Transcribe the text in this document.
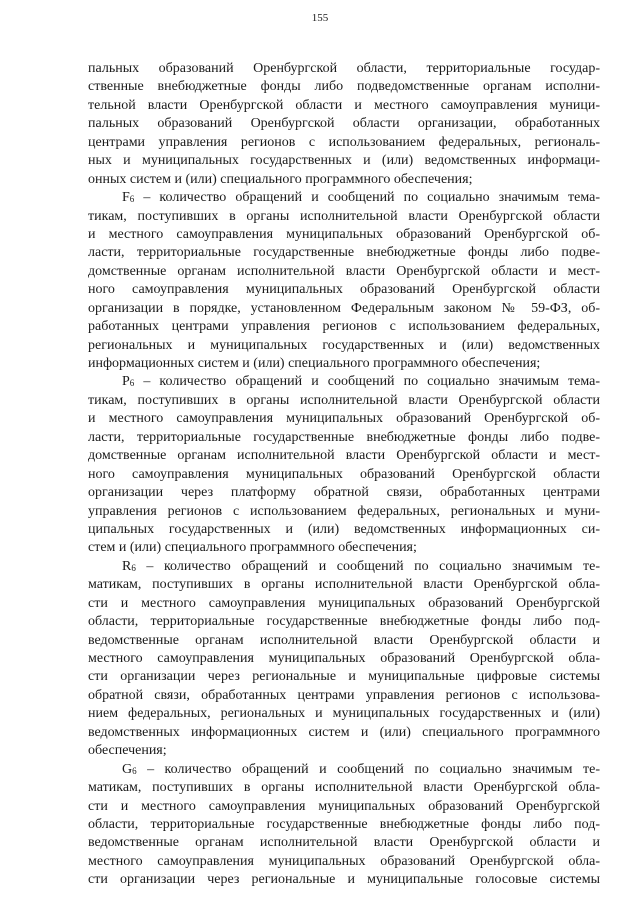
155
пальных образований Оренбургской области, территориальные государ-
ственные внебюджетные фонды либо подведомственные органам исполни-
тельной власти Оренбургской области и местного самоуправления муници-
пальных образований Оренбургской области организации, обработанных
центрами управления регионов с использованием федеральных, региональ-
ных и муниципальных государственных и (или) ведомственных информаци-
онных систем и (или) специального программного обеспечения;
$F_6$ – количество обращений и сообщений по социально значимым тема-
тикам, поступивших в органы исполнительной власти Оренбургской области
и местного самоуправления муниципальных образований Оренбургской об-
ласти, территориальные государственные внебюджетные фонды либо подве-
домственные органам исполнительной власти Оренбургской области и мест-
ного самоуправления муниципальных образований Оренбургской области
организации в порядке, установленном Федеральным законом № 59-ФЗ, об-
работанных центрами управления регионов с использованием федеральных,
региональных и муниципальных государственных и (или) ведомственных
информационных систем и (или) специального программного обеспечения;
$P_6$ – количество обращений и сообщений по социально значимым тема-
тикам, поступивших в органы исполнительной власти Оренбургской области
и местного самоуправления муниципальных образований Оренбургской об-
ласти, территориальные государственные внебюджетные фонды либо подве-
домственные органам исполнительной власти Оренбургской области и мест-
ного самоуправления муниципальных образований Оренбургской области
организации через платформу обратной связи, обработанных центрами
управления регионов с использованием федеральных, региональных и муни-
ципальных государственных и (или) ведомственных информационных си-
стем и (или) специального программного обеспечения;
$R_6$ – количество обращений и сообщений по социально значимым те-
матикам, поступивших в органы исполнительной власти Оренбургской обла-
сти и местного самоуправления муниципальных образований Оренбургской
области, территориальные государственные внебюджетные фонды либо под-
ведомственные органам исполнительной власти Оренбургской области и
местного самоуправления муниципальных образований Оренбургской обла-
сти организации через региональные и муниципальные цифровые системы
обратной связи, обработанных центрами управления регионов с использова-
нием федеральных, региональных и муниципальных государственных и (или)
ведомственных информационных систем и (или) специального программного
обеспечения;
$G_6$ – количество обращений и сообщений по социально значимым те-
матикам, поступивших в органы исполнительной власти Оренбургской обла-
сти и местного самоуправления муниципальных образований Оренбургской
области, территориальные государственные внебюджетные фонды либо под-
ведомственные органам исполнительной власти Оренбургской области и
местного самоуправления муниципальных образований Оренбургской обла-
сти организации через региональные и муниципальные голосовые системы
